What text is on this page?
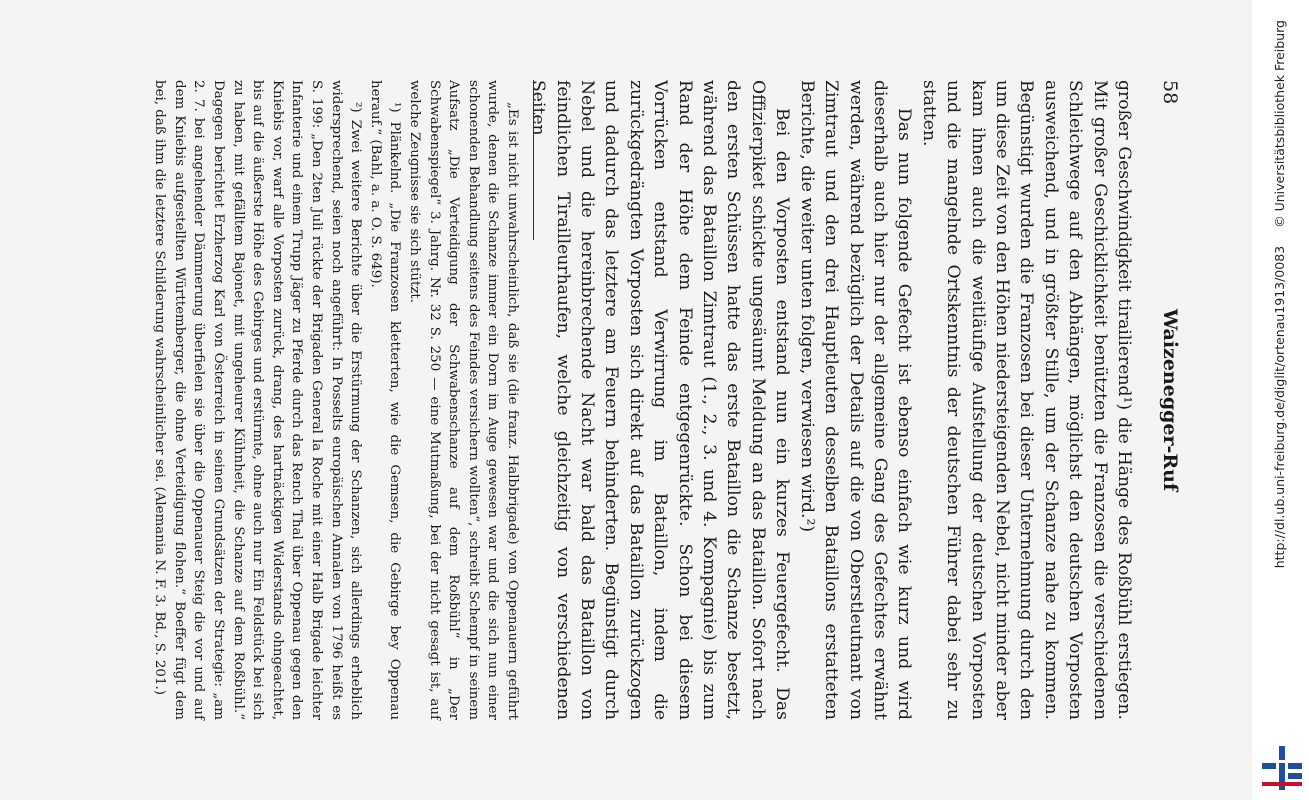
58
Waizenegger-Ruf

großer Geschwindigkeit tirailierend¹) die Hänge des Roßbühl erstiegen. Mit großer Geschicklichkeit benützten die Franzosen die verschiedenen Schleichwege auf den Abhängen, möglichst den deutschen Vorposten ausweichend, und in größter Stille, um der Schanze nahe zu kommen. Begünstigt wurden die Franzosen bei dieser Unternehmung durch den um diese Zeit von den Höhen niedersteigenden Nebel, nicht minder aber kam ihnen auch die weitläufige Aufstellung der deutschen Vorposten und die mangelnde Ortskenntnis der deutschen Führer dabei sehr zu statten.

Das nun folgende Gefecht ist ebenso einfach wie kurz und wird dieserhalb auch hier nur der allgemeine Gang des Gefechtes erwähnt werden, während bezüglich der Details auf die von Oberstleutnant von Zimtraut und den drei Hauptleuten desselben Bataillons erstatteten Berichte, die weiter unten folgen, verwiesen wird.²)

Bei den Vorposten entstand nun ein kurzes Feuergefecht. Das Offizierpiket schickte ungesäumt Meldung an das Bataillon. Sofort nach den ersten Schüssen hatte das erste Bataillon die Schanze besetzt, während das Bataillon Zimtraut (1., 2., 3. und 4. Kompagnie) bis zum Rand der Höhe dem Feinde entgegenrückte. Schon bei diesem Vorrücken entstand Verwirrung im Bataillon, indem die zurückgedrängten Vorposten sich direkt auf das Bataillon zurückzogen und dadurch das letztere am Feuern behinderten. Begünstigt durch Nebel und die hereinbrechende Nacht war bald das Bataillon von feindlichen Tirailleurhaufen, welche gleichzeitig von verschiedenen Seiten

„Es ist nicht unwahrscheinlich, daß sie (die franz. Halbbrigade) von Oppenauern geführt wurde, denen die Schanze immer ein Dorn im Auge gewesen war und die sich nun einer schonenden Behandlung seitens des Feindes versichern wollten“, schreibt Schempf in seinem Aufsatz „Die Verteidigung der Schwabenschanze auf dem Roßbühl“ in „Der Schwabenspiegel“ 3. Jahrg. Nr. 32 S. 250 — eine Mutmaßung, bei der nicht gesagt ist, auf welche Zeugnisse sie sich stützt.

¹) Plänkelnd. „Die Franzosen kletterten, wie die Gemsen, die Gebirge bey Oppenau herauf.“ (Bahl, a. a. O. S. 649).

²) Zwei weitere Berichte über die Erstürmung der Schanzen, sich allerdings erheblich widersprechend, seien noch angeführt: In Posselts europäischen Annalen von 1796 heißt es S. 199: „Den 2ten Juli rückte der Brigaden General la Roche mit einer Halb Brigade leichter Infanterie und einem Trupp Jäger zu Pferde durch das Rench Thal über Oppenau gegen den Kniebis vor, warf alle Vorposten zurück, drang, des hartnäckigen Widerstands ohngeachtet, bis auf die äußerste Höhe des Gebirges und erstürmte, ohne auch nur Ein Feldstück bei sich zu haben, mit gefälltem Bajonet, mit ungeheurer Kühnheit, die Schanze auf dem Roßbühl.“ Dagegen berichtet Erzherzog Karl von Österreich in seinen Grundsätzen der Strategie: „am 2. 7. bei angehender Dämmerung überfielen sie über die Oppenauer Steig die vor und auf dem Kniebis aufgestellten Württemberger, die ohne Verteidigung flohen.“ Boeffer fügt dem bei, daß ihm die letztere Schilderung wahrscheinlicher sei. (Alemania N. F. 3. Bd., S. 201.)	http://dl.ub.uni-freiburg.de/diglit/ortenau1913/0083 © Universitätsbibliothek Freiburg
